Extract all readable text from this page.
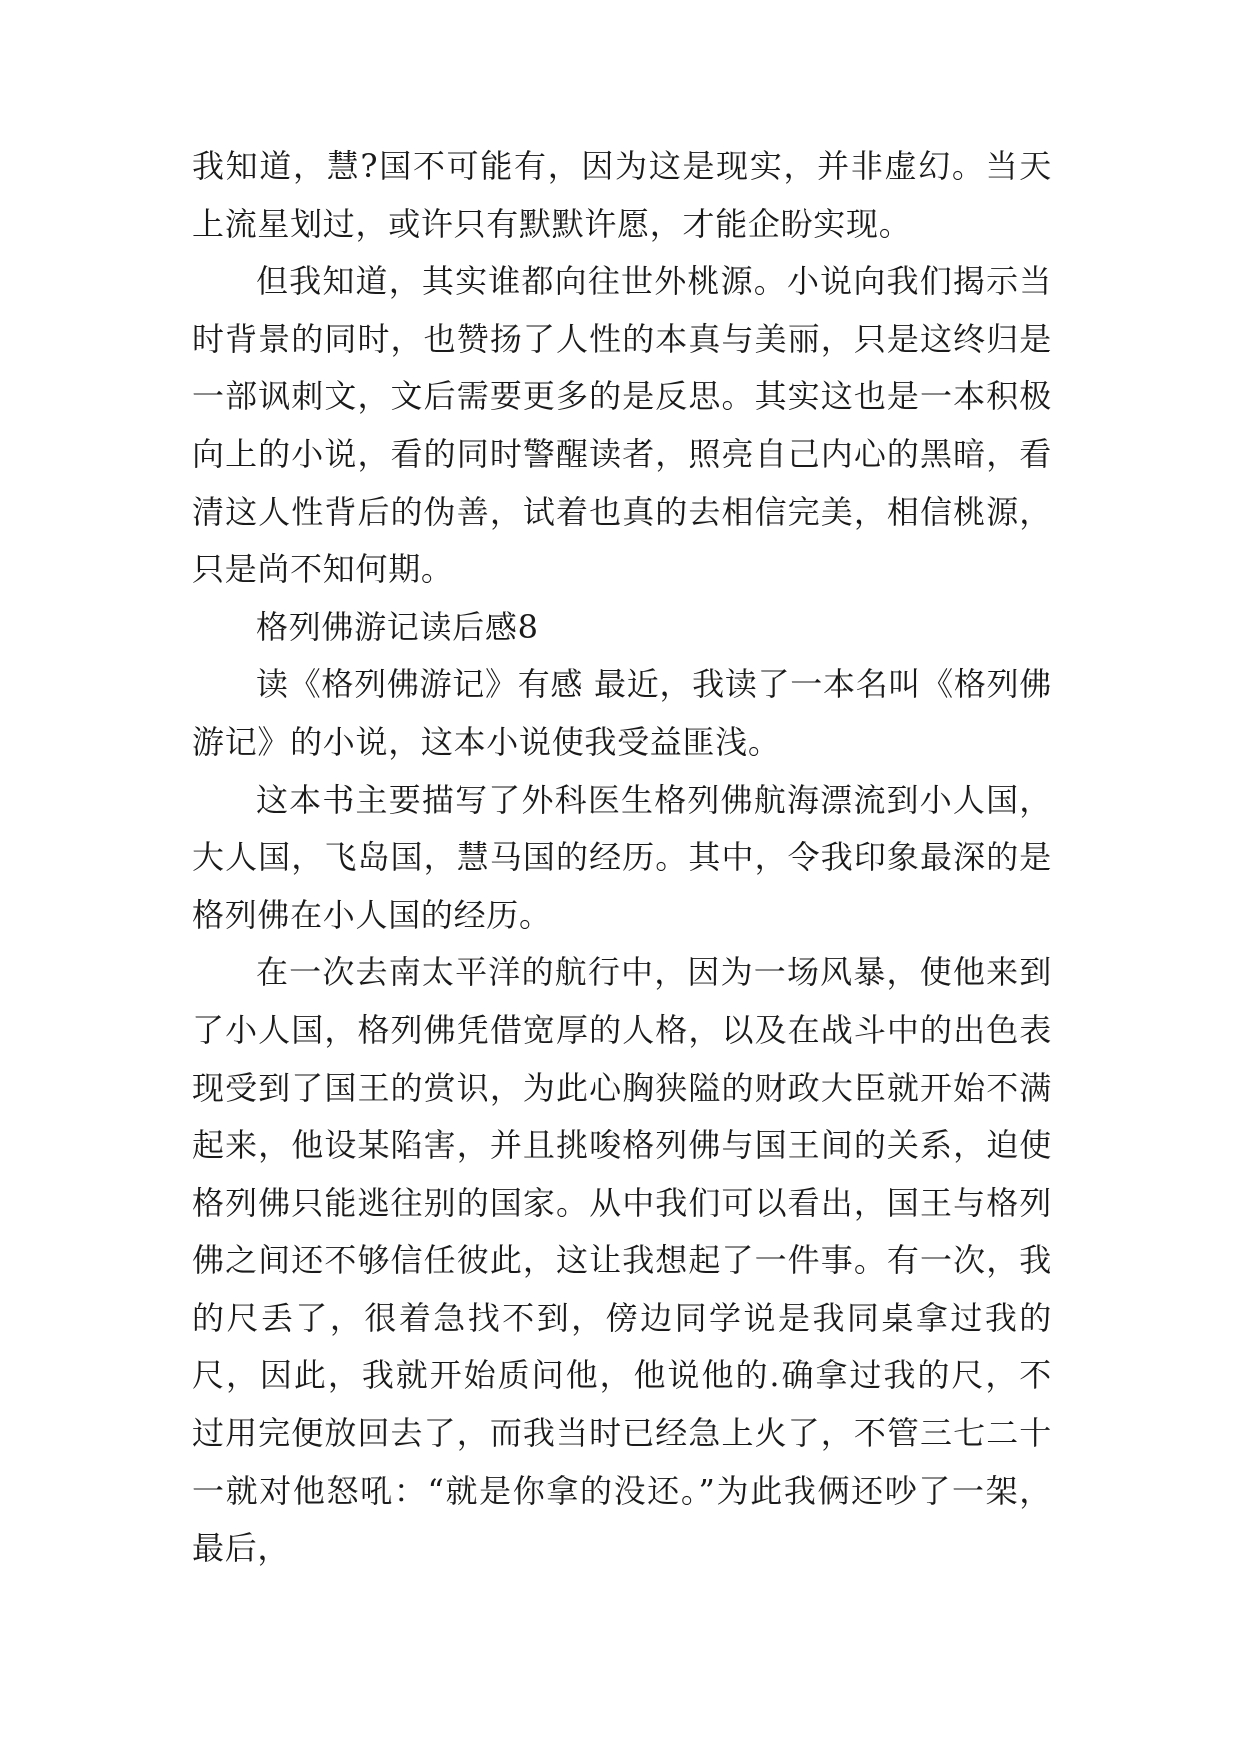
我知道，慧?国不可能有，因为这是现实，并非虚幻。当天上流星划过，或许只有默默许愿，才能企盼实现。

但我知道，其实谁都向往世外桃源。小说向我们揭示当时背景的同时，也赞扬了人性的本真与美丽，只是这终归是一部讽刺文，文后需要更多的是反思。其实这也是一本积极向上的小说，看的同时警醒读者，照亮自己内心的黑暗，看清这人性背后的伪善，试着也真的去相信完美，相信桃源，只是尚不知何期。

格列佛游记读后感8

读《格列佛游记》有感 最近，我读了一本名叫《格列佛游记》的小说，这本小说使我受益匪浅。

这本书主要描写了外科医生格列佛航海漂流到小人国，大人国，飞岛国，慧马国的经历。其中，令我印象最深的是格列佛在小人国的经历。

在一次去南太平洋的航行中，因为一场风暴，使他来到了小人国，格列佛凭借宽厚的人格，以及在战斗中的出色表现受到了国王的赏识，为此心胸狭隘的财政大臣就开始不满起来，他设某陷害，并且挑唆格列佛与国王间的关系，迫使格列佛只能逃往别的国家。从中我们可以看出，国王与格列佛之间还不够信任彼此，这让我想起了一件事。有一次，我的尺丢了，很着急找不到，傍边同学说是我同桌拿过我的尺，因此，我就开始质问他，他说他的.确拿过我的尺，不过用完便放回去了，而我当时已经急上火了，不管三七二十一就对他怒吼：“就是你拿的没还。”为此我俩还吵了一架，最后，
